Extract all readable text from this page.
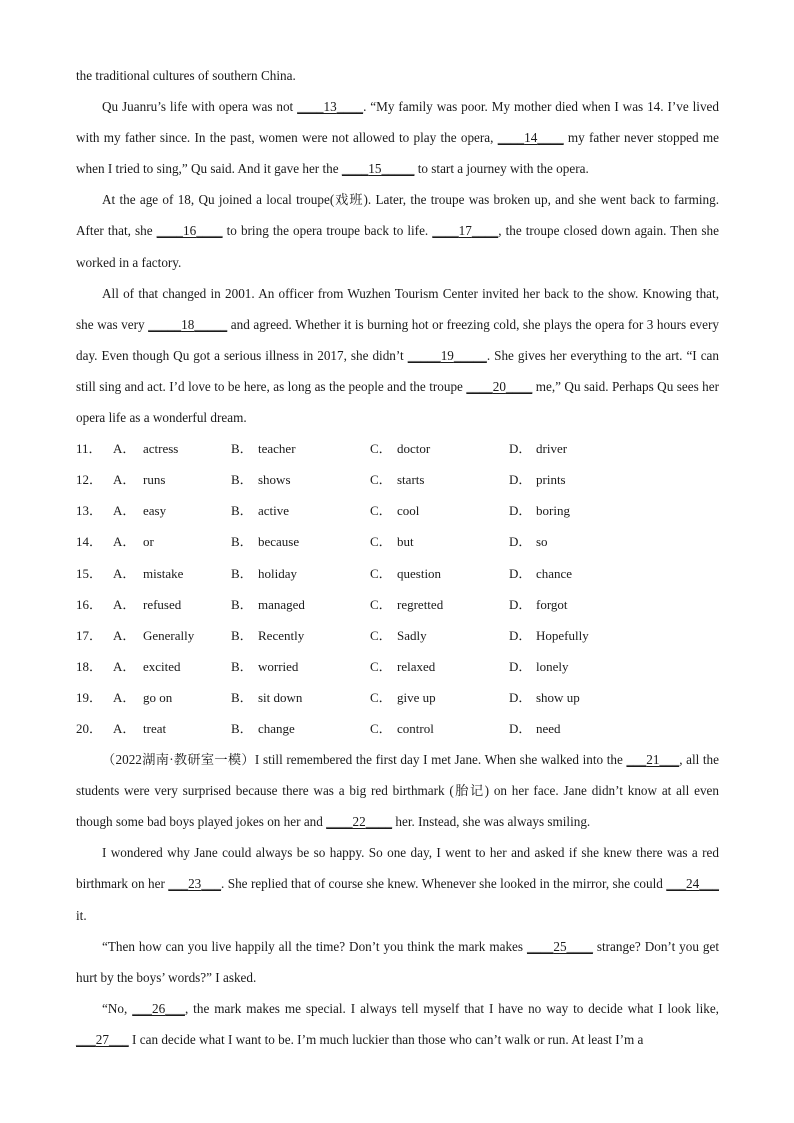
the traditional cultures of southern China.

Qu Juanru’s life with opera was not ____13____. “My family was poor. My mother died when I was 14. I’ve lived with my father since. In the past, women were not allowed to play the opera, ____14____ my father never stopped me when I tried to sing,” Qu said. And it gave her the ____15_____ to start a journey with the opera.

At the age of 18, Qu joined a local troupe(戏班). Later, the troupe was broken up, and she went back to farming. After that, she ____16____ to bring the opera troupe back to life. ____17____, the troupe closed down again. Then she worked in a factory.

All of that changed in 2001. An officer from Wuzhen Tourism Center invited her back to the show. Knowing that, she was very _____18_____ and agreed. Whether it is burning hot or freezing cold, she plays the opera for 3 hours every day. Even though Qu got a serious illness in 2017, she didn’t _____19_____. She gives her everything to the art. “I can still sing and act. I’d love to be here, as long as the people and the troupe ____20____ me,” Qu said. Perhaps Qu sees her opera life as a wonderful dream.

11． A． actress	B． teacher	C． doctor	D． driver
12． A． runs	B． shows	C． starts	D． prints
13． A． easy	B． active	C． cool	D． boring
14． A． or	B． because	C． but	D． so
15． A． mistake	B． holiday	C． question	D． chance
16． A． refused	B． managed	C． regretted	D． forgot
17． A． Generally	B． Recently	C． Sadly	D． Hopefully
18． A． excited	B． worried	C． relaxed	D． lonely
19． A． go on	B． sit down	C． give up	D． show up
20． A． treat	B． change	C． control	D． need

（2022湖南·教研室一模）I still remembered the first day I met Jane. When she walked into the ___21___, all the students were very surprised because there was a big red birthmark (胎记) on her face. Jane didn’t know at all even though some bad boys played jokes on her and ____22____ her. Instead, she was always smiling.

I wondered why Jane could always be so happy. So one day, I went to her and asked if she knew there was a red birthmark on her ___23___. She replied that of course she knew. Whenever she looked in the mirror, she could ___24___ it.

“Then how can you live happily all the time? Don’t you think the mark makes ____25____ strange? Don’t you get hurt by the boys’ words?” I asked.

“No, ___26___, the mark makes me special. I always tell myself that I have no way to decide what I look like, ___27___ I can decide what I want to be. I’m much luckier than those who can’t walk or run. At least I’m a
